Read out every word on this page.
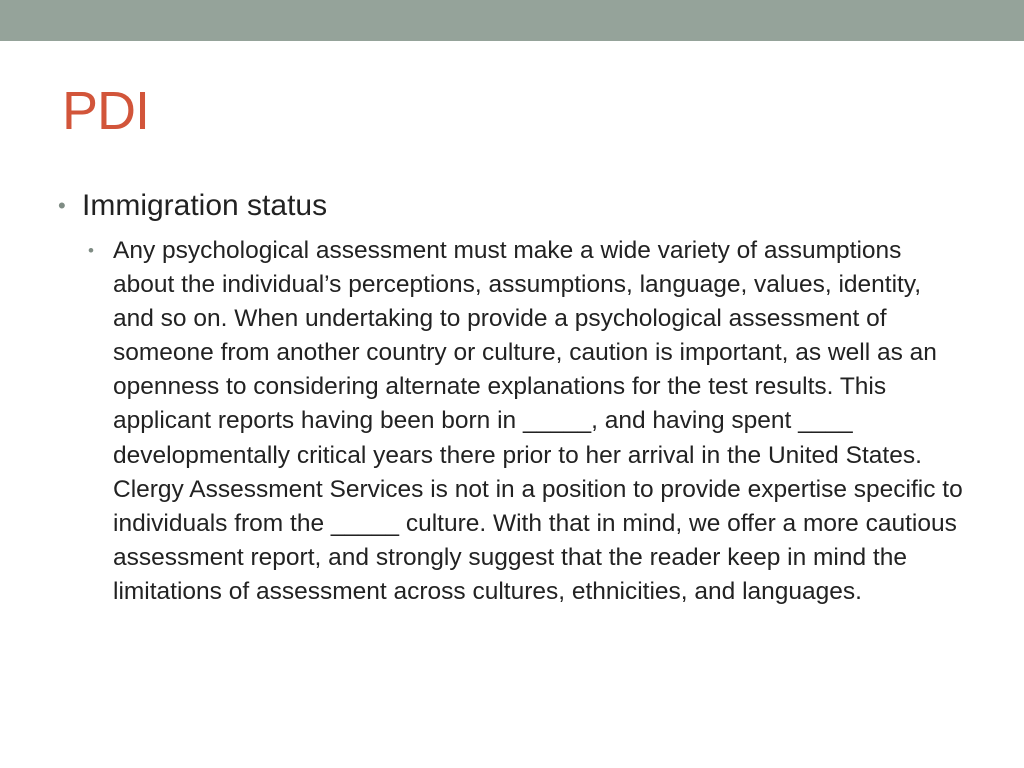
PDI
• Immigration status
• Any psychological assessment must make a wide variety of assumptions about the individual’s perceptions, assumptions, language, values, identity, and so on. When undertaking to provide a psychological assessment of someone from another country or culture, caution is important, as well as an openness to considering alternate explanations for the test results. This applicant reports having been born in _____, and having spent ____ developmentally critical years there prior to her arrival in the United States. Clergy Assessment Services is not in a position to provide expertise specific to individuals from the _____ culture. With that in mind, we offer a more cautious assessment report, and strongly suggest that the reader keep in mind the limitations of assessment across cultures, ethnicities, and languages.
